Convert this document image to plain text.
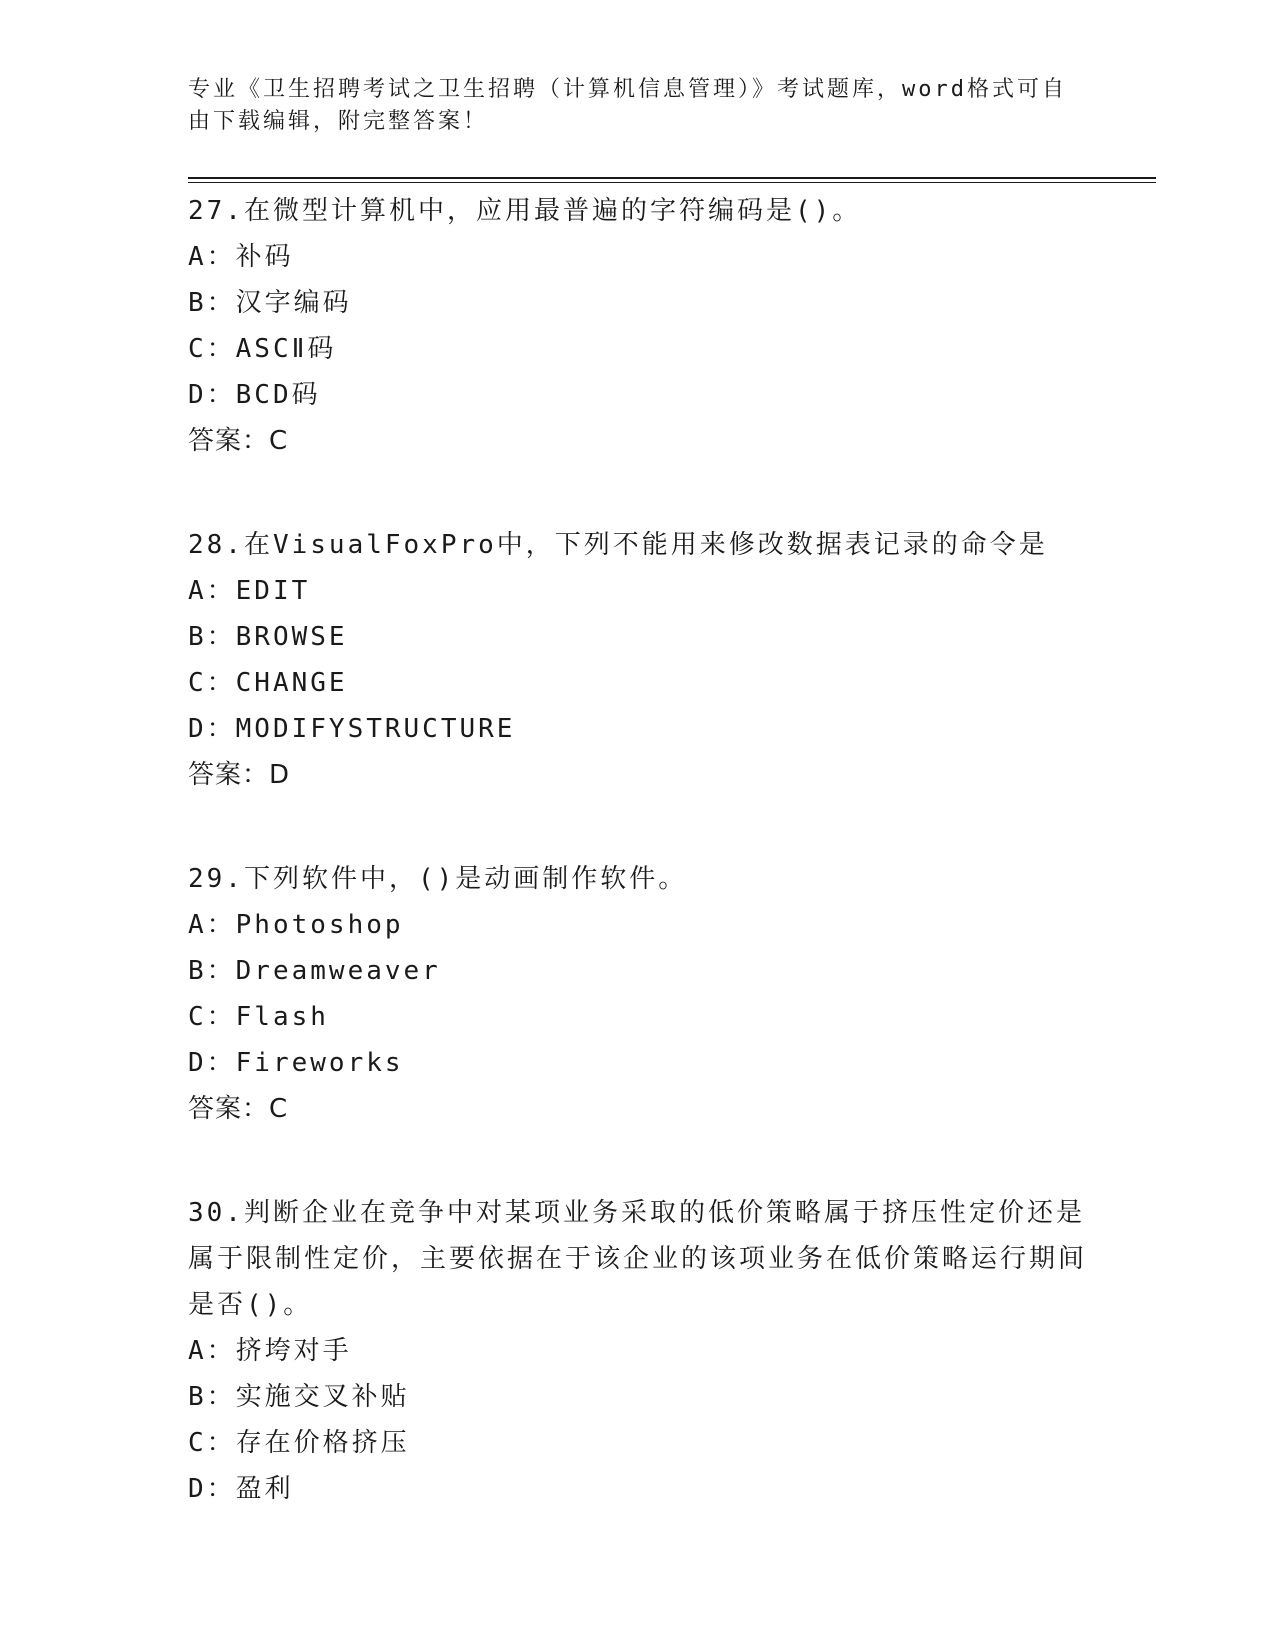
专业《卫生招聘考试之卫生招聘（计算机信息管理）》考试题库，word格式可自由下载编辑，附完整答案！
27.在微型计算机中，应用最普遍的字符编码是()。
A：补码
B：汉字编码
C：ASCⅡ码
D：BCD码
答案：C
28.在VisualFoxPro中，下列不能用来修改数据表记录的命令是
A：EDIT
B：BROWSE
C：CHANGE
D：MODIFYSTRUCTURE
答案：D
29.下列软件中，()是动画制作软件。
A：Photoshop
B：Dreamweaver
C：Flash
D：Fireworks
答案：C
30.判断企业在竞争中对某项业务采取的低价策略属于挤压性定价还是属于限制性定价，主要依据在于该企业的该项业务在低价策略运行期间是否()。
A：挤垮对手
B：实施交叉补贴
C：存在价格挤压
D：盈利
